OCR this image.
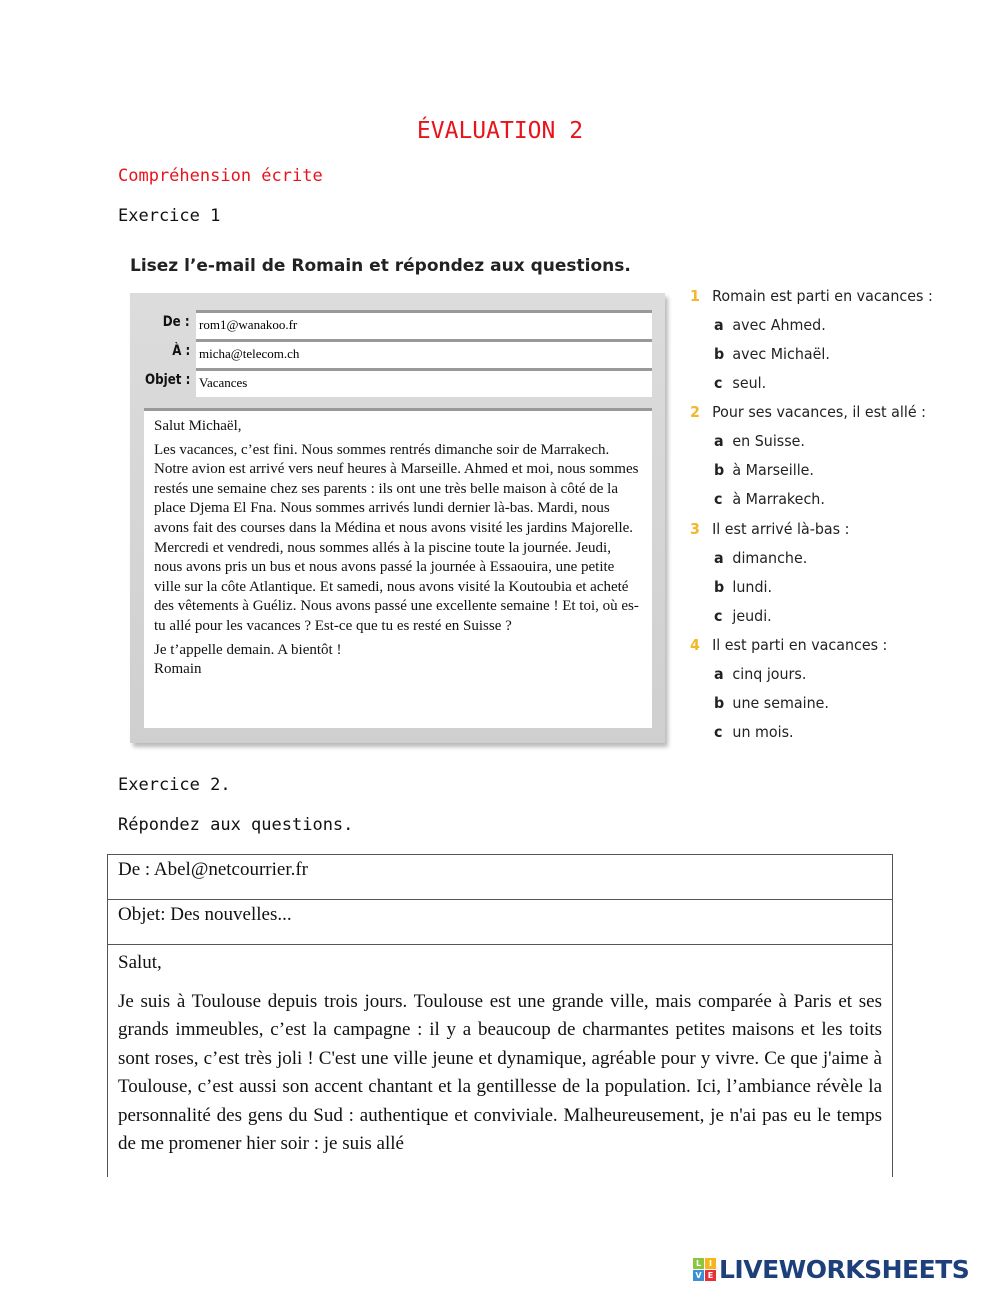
ÉVALUATION 2
Compréhension écrite
Exercice 1
Lisez l’e-mail de Romain et répondez aux questions.
De : rom1@wanakoo.fr
À : micha@telecom.ch
Objet : Vacances

Salut Michaël,

Les vacances, c’est fini. Nous sommes rentrés dimanche soir de Marrakech. Notre avion est arrivé vers neuf heures à Marseille. Ahmed et moi, nous sommes restés une semaine chez ses parents : ils ont une très belle maison à côté de la place Djema El Fna. Nous sommes arrivés lundi dernier là-bas. Mardi, nous avons fait des courses dans la Médina et nous avons visité les jardins Majorelle. Mercredi et vendredi, nous sommes allés à la piscine toute la journée. Jeudi, nous avons pris un bus et nous avons passé la journée à Essaouira, une petite ville sur la côte Atlantique. Et samedi, nous avons visité la Koutoubia et acheté des vêtements à Guéliz. Nous avons passé une excellente semaine ! Et toi, où es-tu allé pour les vacances ? Est-ce que tu es resté en Suisse ?

Je t’appelle demain. A bientôt !

Romain

1 Romain est parti en vacances :
a avec Ahmed.
b avec Michaël.
c seul.
2 Pour ses vacances, il est allé :
a en Suisse.
b à Marseille.
c à Marrakech.
3 Il est arrivé là-bas :
a dimanche.
b lundi.
c jeudi.
4 Il est parti en vacances :
a cinq jours.
b une semaine.
c un mois.
Exercice 2.
Répondez aux questions.
De : Abel@netcourrier.fr
Objet: Des nouvelles...

Salut,

Je suis à Toulouse depuis trois jours. Toulouse est une grande ville, mais comparée à Paris et ses grands immeubles, c’est la campagne : il y a beaucoup de charmantes petites maisons et les toits sont roses, c’est très joli ! C'est une ville jeune et dynamique, agréable pour y vivre. Ce que j'aime à Toulouse, c’est aussi son accent chantant et la gentillesse de la population. Ici, l’ambiance révèle la personnalité des gens du Sud : authentique et conviviale. Malheureusement, je n'ai pas eu le temps de me promener hier soir : je suis allé

L I
V E LIVEWORKSHEETS
